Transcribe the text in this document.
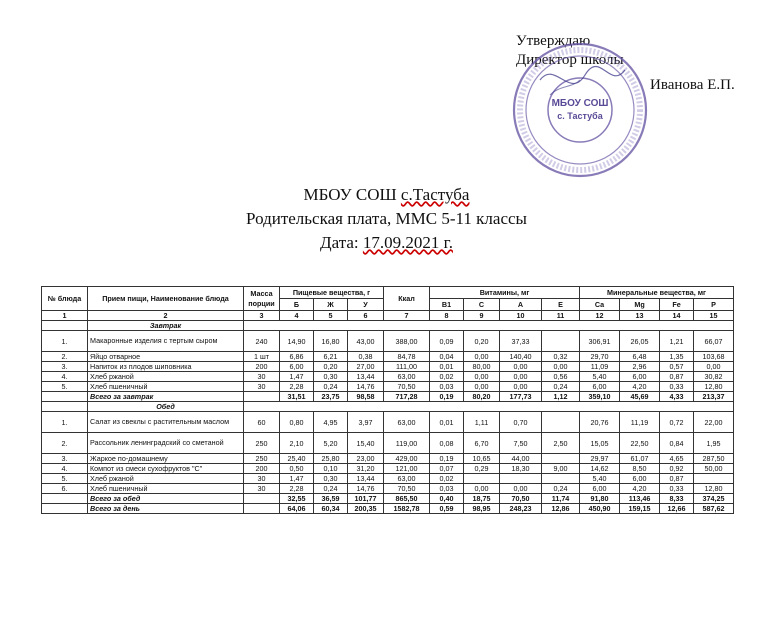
Утверждаю
Директор школы
Иванова Е.П.
МБОУ СОШ
с. Тастуба
МБОУ СОШ с.Тастуба
Родительская плата, ММС 5-11 классы
Дата: 17.09.2021 г.
№ блюда	Прием пищи, Наименование блюда	Масса порции	Пищевые вещества, г			Ккал	Витамины, мг				Минеральные вещества, мг			
			Б	Ж	У		B1	C	A	E	Ca	Mg	Fe	P
1	2	3	4	5	6	7	8	9	10	11	12	13	14	15
	Завтрак													
1.	Макаронные изделия с тертым сыром	240	14,90	16,80	43,00	388,00	0,09	0,20	37,33		306,91	26,05	1,21	66,07
2.	Яйцо отварное	1 шт	6,86	6,21	0,38	84,78	0,04	0,00	140,40	0,32	29,70	6,48	1,35	103,68
3.	Напиток из плодов шиповника	200	6,00	0,20	27,00	111,00	0,01	80,00	0,00	0,00	11,09	2,96	0,57	0,00
4.	Хлеб ржаной	30	1,47	0,30	13,44	63,00	0,02	0,00	0,00	0,56	5,40	6,00	0,87	30,82
5.	Хлеб пшеничный	30	2,28	0,24	14,76	70,50	0,03	0,00	0,00	0,24	6,00	4,20	0,33	12,80
	Всего за завтрак		31,51	23,75	98,58	717,28	0,19	80,20	177,73	1,12	359,10	45,69	4,33	213,37
	Обед													
1.	Салат из свеклы с растительным маслом	60	0,80	4,95	3,97	63,00	0,01	1,11	0,70		20,76	11,19	0,72	22,00
2.	Рассольник ленинградский со сметаной	250	2,10	5,20	15,40	119,00	0,08	6,70	7,50	2,50	15,05	22,50	0,84	1,95
3.	Жаркое по-домашнему	250	25,40	25,80	23,00	429,00	0,19	10,65	44,00		29,97	61,07	4,65	287,50
4.	Компот из смеси сухофруктов "С"	200	0,50	0,10	31,20	121,00	0,07	0,29	18,30	9,00	14,62	8,50	0,92	50,00
5.	Хлеб ржаной	30	1,47	0,30	13,44	63,00	0,02				5,40	6,00	0,87	
6.	Хлеб пшеничный	30	2,28	0,24	14,76	70,50	0,03	0,00	0,00	0,24	6,00	4,20	0,33	12,80
	Всего за обед		32,55	36,59	101,77	865,50	0,40	18,75	70,50	11,74	91,80	113,46	8,33	374,25
	Всего за день		64,06	60,34	200,35	1582,78	0,59	98,95	248,23	12,86	450,90	159,15	12,66	587,62
